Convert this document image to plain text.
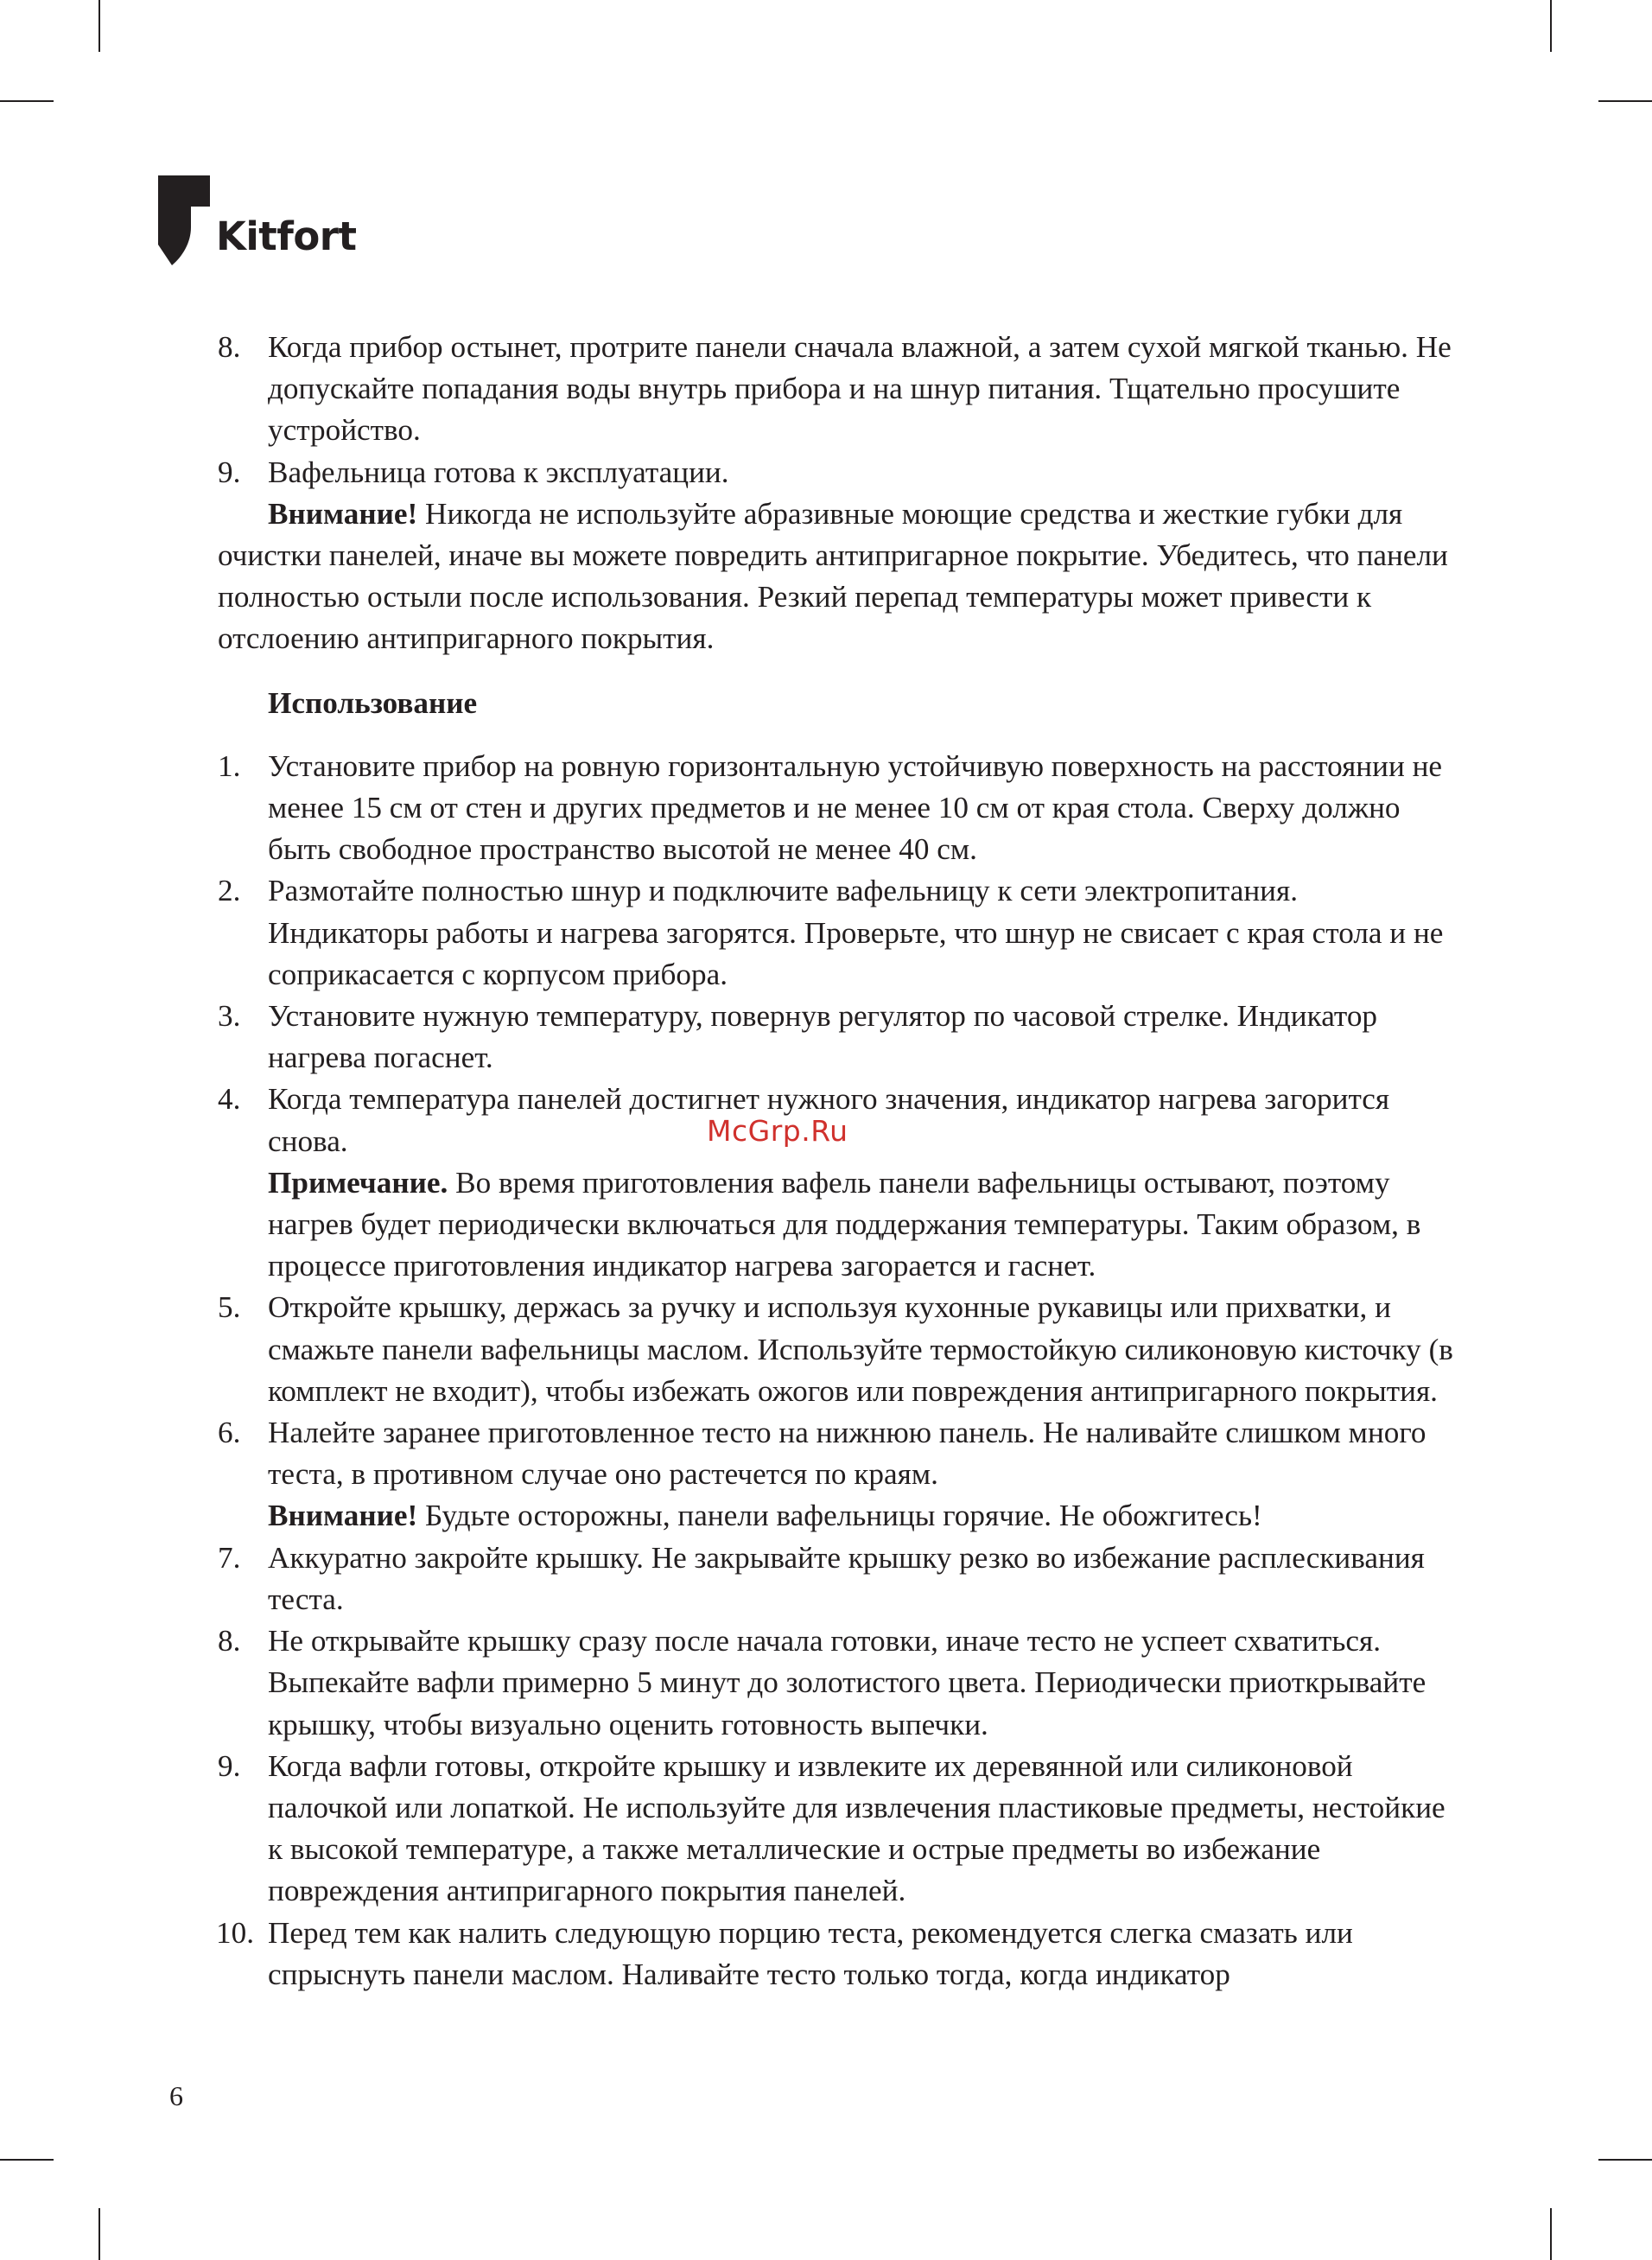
Kitfort
8. Когда прибор остынет, протрите панели сначала влажной, а затем сухой мягкой тканью. Не допускайте попадания воды внутрь прибора и на шнур питания. Тщательно просушите устройство.
9. Вафельница готова к эксплуатации.
Внимание! Никогда не используйте абразивные моющие средства и жесткие губки для очистки панелей, иначе вы можете повредить антипригарное покрытие. Убедитесь, что панели полностью остыли после использования. Резкий перепад температуры может привести к отслоению антипригарного покрытия.
Использование
1. Установите прибор на ровную горизонтальную устойчивую поверхность на расстоянии не менее 15 см от стен и других предметов и не менее 10 см от края стола. Сверху должно быть свободное пространство высотой не менее 40 см.
2. Размотайте полностью шнур и подключите вафельницу к сети электропитания. Индикаторы работы и нагрева загорятся. Проверьте, что шнур не свисает с края стола и не соприкасается с корпусом прибора.
3. Установите нужную температуру, повернув регулятор по часовой стрелке. Индикатор нагрева погаснет.
4. Когда температура панелей достигнет нужного значения, индикатор нагрева загорится снова.
Примечание. Во время приготовления вафель панели вафельницы остывают, поэтому нагрев будет периодически включаться для поддержания температуры. Таким образом, в процессе приготовления индикатор нагрева загорается и гаснет.
5. Откройте крышку, держась за ручку и используя кухонные рукавицы или прихватки, и смажьте панели вафельницы маслом. Используйте термостойкую силиконовую кисточку (в комплект не входит), чтобы избежать ожогов или повреждения антипригарного покрытия.
6. Налейте заранее приготовленное тесто на нижнюю панель. Не наливайте слишком много теста, в противном случае оно растечется по краям.
Внимание! Будьте осторожны, панели вафельницы горячие. Не обожгитесь!
7. Аккуратно закройте крышку. Не закрывайте крышку резко во избежание расплескивания теста.
8. Не открывайте крышку сразу после начала готовки, иначе тесто не успеет схватиться. Выпекайте вафли примерно 5 минут до золотистого цвета. Периодически приоткрывайте крышку, чтобы визуально оценить готовность выпечки.
9. Когда вафли готовы, откройте крышку и извлеките их деревянной или силиконовой палочкой или лопаткой. Не используйте для извлечения пластиковые предметы, нестойкие к высокой температуре, а также металлические и острые предметы во избежание повреждения антипригарного покрытия панелей.
10. Перед тем как налить следующую порцию теста, рекомендуется слегка смазать или спрыснуть панели маслом. Наливайте тесто только тогда, когда индикатор
McGrp.Ru
6
